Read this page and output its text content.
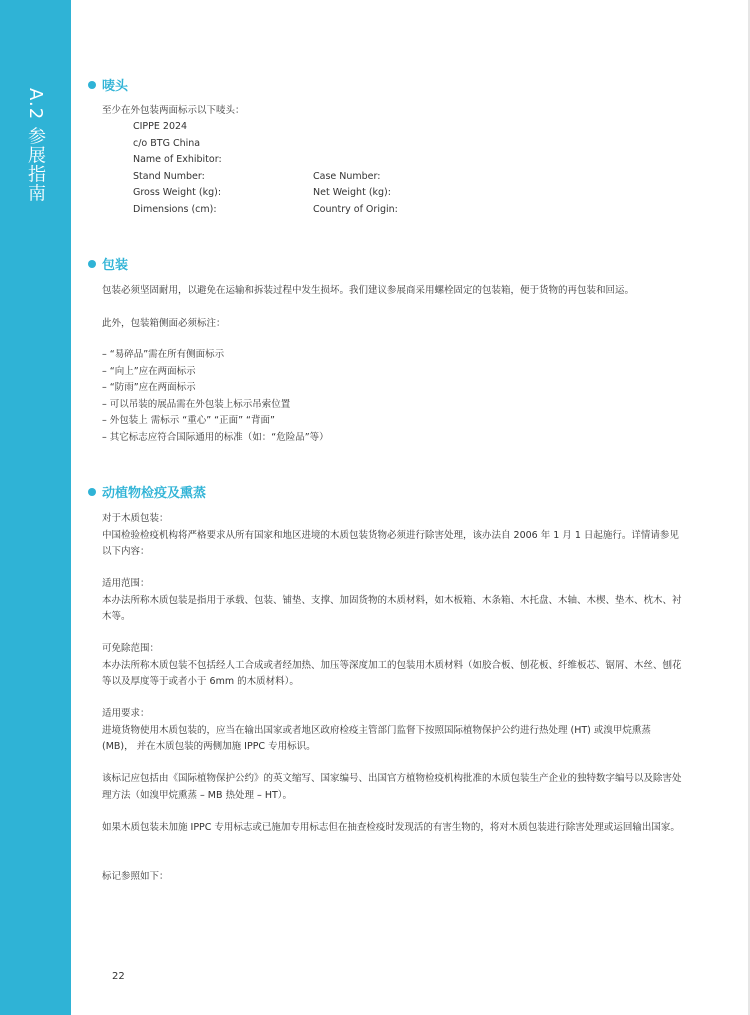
A.2 参展指南
唛头
至少在外包装两面标示以下唛头：
CIPPE 2024
c/o BTG China
Name of Exhibitor:
Stand Number:	Case Number:
Gross Weight (kg):	Net Weight (kg):
Dimensions (cm):	Country of Origin:
包装
包装必须坚固耐用，以避免在运输和拆装过程中发生损坏。我们建议参展商采用螺栓固定的包装箱，便于货物的再包装和回运。
此外，包装箱侧面必须标注：
– “易碎品”需在所有侧面标示
– “向上”应在两面标示
– “防雨”应在两面标示
– 可以吊装的展品需在外包装上标示吊索位置
– 外包装上 需标示 “重心” “正面” “背面”
– 其它标志应符合国际通用的标准（如：“危险品”等）
动植物检疫及熏蒸
对于木质包装：
中国检验检疫机构将严格要求从所有国家和地区进境的木质包装货物必须进行除害处理，该办法自 2006 年 1 月 1 日起施行。详情请参见以下内容：
适用范围：
本办法所称木质包装是指用于承载、包装、铺垫、支撑、加固货物的木质材料，如木板箱、木条箱、木托盘、木轴、木楔、垫木、枕木、衬木等。
可免除范围：
本办法所称木质包装不包括经人工合成或者经加热、加压等深度加工的包装用木质材料（如胶合板、刨花板、纤维板芯、锯屑、木丝、刨花等以及厚度等于或者小于 6mm 的木质材料）。
适用要求：
进境货物使用木质包装的，应当在输出国家或者地区政府检疫主管部门监督下按照国际植物保护公约进行热处理 (HT) 或溴甲烷熏蒸 (MB)， 并在木质包装的两侧加施 IPPC 专用标识。
该标记应包括由《国际植物保护公约》的英文缩写、国家编号、出国官方植物检疫机构批准的木质包装生产企业的独特数字编号以及除害处理方法（如溴甲烷熏蒸 – MB 热处理 – HT）。
如果木质包装未加施 IPPC 专用标志或已施加专用标志但在抽查检疫时发现活的有害生物的，将对木质包装进行除害处理或运回输出国家。
标记参照如下：
22
